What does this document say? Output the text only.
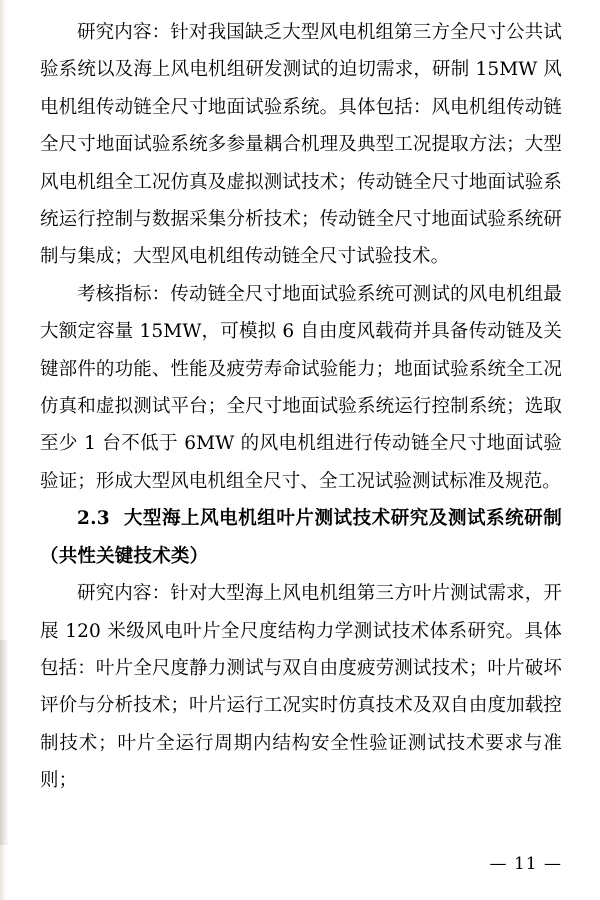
研究内容：针对我国缺乏大型风电机组第三方全尺寸公共试验系统以及海上风电机组研发测试的迫切需求，研制 15MW 风电机组传动链全尺寸地面试验系统。具体包括：风电机组传动链全尺寸地面试验系统多参量耦合机理及典型工况提取方法；大型风电机组全工况仿真及虚拟测试技术；传动链全尺寸地面试验系统运行控制与数据采集分析技术；传动链全尺寸地面试验系统研制与集成；大型风电机组传动链全尺寸试验技术。

考核指标：传动链全尺寸地面试验系统可测试的风电机组最大额定容量 15MW，可模拟 6 自由度风载荷并具备传动链及关键部件的功能、性能及疲劳寿命试验能力；地面试验系统全工况仿真和虚拟测试平台；全尺寸地面试验系统运行控制系统；选取至少 1 台不低于 6MW 的风电机组进行传动链全尺寸地面试验验证；形成大型风电机组全尺寸、全工况试验测试标准及规范。

2.3 大型海上风电机组叶片测试技术研究及测试系统研制（共性关键技术类）

研究内容：针对大型海上风电机组第三方叶片测试需求，开展 120 米级风电叶片全尺度结构力学测试技术体系研究。具体包括：叶片全尺度静力测试与双自由度疲劳测试技术；叶片破坏评价与分析技术；叶片运行工况实时仿真技术及双自由度加载控制技术；叶片全运行周期内结构安全性验证测试技术要求与准则；

— 11 —
